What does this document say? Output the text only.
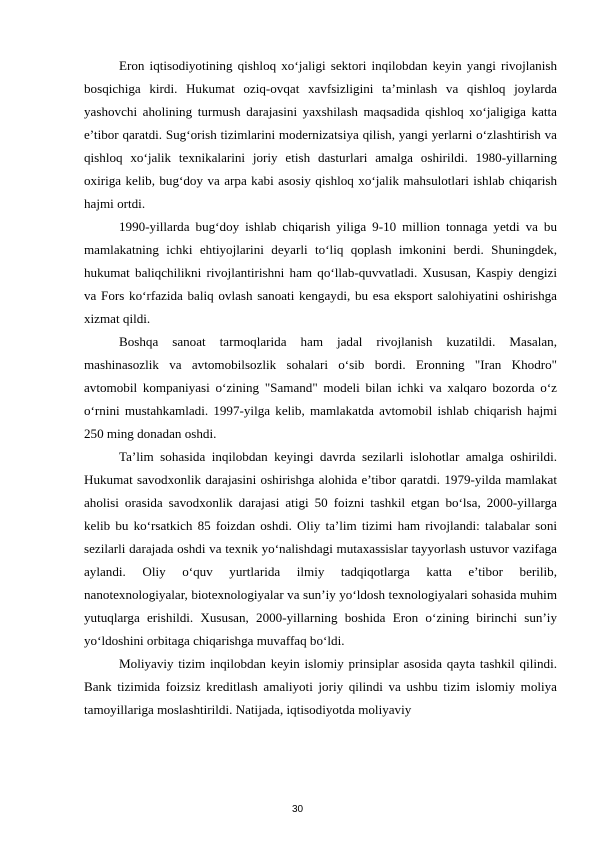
Eron iqtisodiyotining qishloq xo‘jaligi sektori inqilobdan keyin yangi rivojlanish bosqichiga kirdi. Hukumat oziq-ovqat xavfsizligini ta’minlash va qishloq joylarda yashovchi aholining turmush darajasini yaxshilash maqsadida qishloq xo‘jaligiga katta e’tibor qaratdi. Sug‘orish tizimlarini modernizatsiya qilish, yangi yerlarni o‘zlashtirish va qishloq xo‘jalik texnikalarini joriy etish dasturlari amalga oshirildi. 1980-yillarning oxiriga kelib, bug‘doy va arpa kabi asosiy qishloq xo‘jalik mahsulotlari ishlab chiqarish hajmi ortdi.

1990-yillarda bug‘doy ishlab chiqarish yiliga 9-10 million tonnaga yetdi va bu mamlakatning ichki ehtiyojlarini deyarli to‘liq qoplash imkonini berdi. Shuningdek, hukumat baliqchilikni rivojlantirishni ham qo‘llab-quvvatladi. Xususan, Kaspiy dengizi va Fors ko‘rfazida baliq ovlash sanoati kengaydi, bu esa eksport salohiyatini oshirishga xizmat qildi.

Boshqa sanoat tarmoqlarida ham jadal rivojlanish kuzatildi. Masalan, mashinasozlik va avtomobilsozlik sohalari o‘sib bordi. Eronning "Iran Khodro" avtomobil kompaniyasi o‘zining "Samand" modeli bilan ichki va xalqaro bozorda o‘z o‘rnini mustahkamladi. 1997-yilga kelib, mamlakatda avtomobil ishlab chiqarish hajmi 250 ming donadan oshdi.

Ta’lim sohasida inqilobdan keyingi davrda sezilarli islohotlar amalga oshirildi. Hukumat savodxonlik darajasini oshirishga alohida e’tibor qaratdi. 1979-yilda mamlakat aholisi orasida savodxonlik darajasi atigi 50 foizni tashkil etgan bo‘lsa, 2000-yillarga kelib bu ko‘rsatkich 85 foizdan oshdi. Oliy ta’lim tizimi ham rivojlandi: talabalar soni sezilarli darajada oshdi va texnik yo‘nalishdagi mutaxassislar tayyorlash ustuvor vazifaga aylandi. Oliy o‘quv yurtlarida ilmiy tadqiqotlarga katta e’tibor berilib, nanotexnologiyalar, biotexnologiyalar va sun’iy yo‘ldosh texnologiyalari sohasida muhim yutuqlarga erishildi. Xususan, 2000-yillarning boshida Eron o‘zining birinchi sun’iy yo‘ldoshini orbitaga chiqarishga muvaffaq bo‘ldi.

Moliyaviy tizim inqilobdan keyin islomiy prinsiplar asosida qayta tashkil qilindi. Bank tizimida foizsiz kreditlash amaliyoti joriy qilindi va ushbu tizim islomiy moliya tamoyillariga moslashtirildi. Natijada, iqtisodiyotda moliyaviy

30
